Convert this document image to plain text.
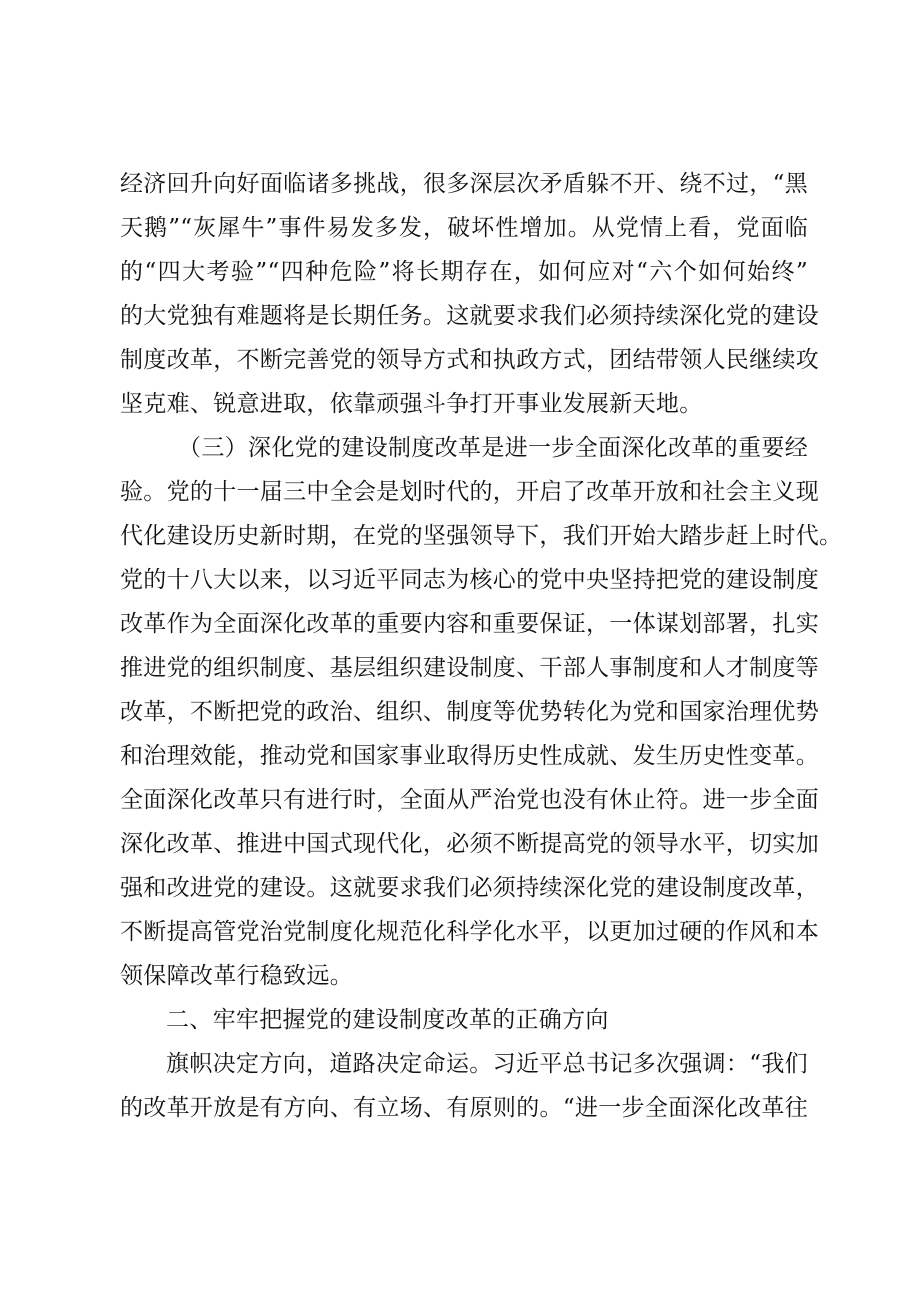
经济回升向好面临诸多挑战，很多深层次矛盾躲不开、绕不过，“黑
天鹅”“灰犀牛”事件易发多发，破坏性增加。从党情上看，党面临
的“四大考验”“四种危险”将长期存在，如何应对“六个如何始终”
的大党独有难题将是长期任务。这就要求我们必须持续深化党的建设
制度改革，不断完善党的领导方式和执政方式，团结带领人民继续攻
坚克难、锐意进取，依靠顽强斗争打开事业发展新天地。
（三）深化党的建设制度改革是进一步全面深化改革的重要经
验。党的十一届三中全会是划时代的，开启了改革开放和社会主义现
代化建设历史新时期，在党的坚强领导下，我们开始大踏步赶上时代。
党的十八大以来，以习近平同志为核心的党中央坚持把党的建设制度
改革作为全面深化改革的重要内容和重要保证，一体谋划部署，扎实
推进党的组织制度、基层组织建设制度、干部人事制度和人才制度等
改革，不断把党的政治、组织、制度等优势转化为党和国家治理优势
和治理效能，推动党和国家事业取得历史性成就、发生历史性变革。
全面深化改革只有进行时，全面从严治党也没有休止符。进一步全面
深化改革、推进中国式现代化，必须不断提高党的领导水平，切实加
强和改进党的建设。这就要求我们必须持续深化党的建设制度改革，
不断提高管党治党制度化规范化科学化水平，以更加过硬的作风和本
领保障改革行稳致远。
二、牢牢把握党的建设制度改革的正确方向
旗帜决定方向，道路决定命运。习近平总书记多次强调：“我们
的改革开放是有方向、有立场、有原则的。“进一步全面深化改革往
